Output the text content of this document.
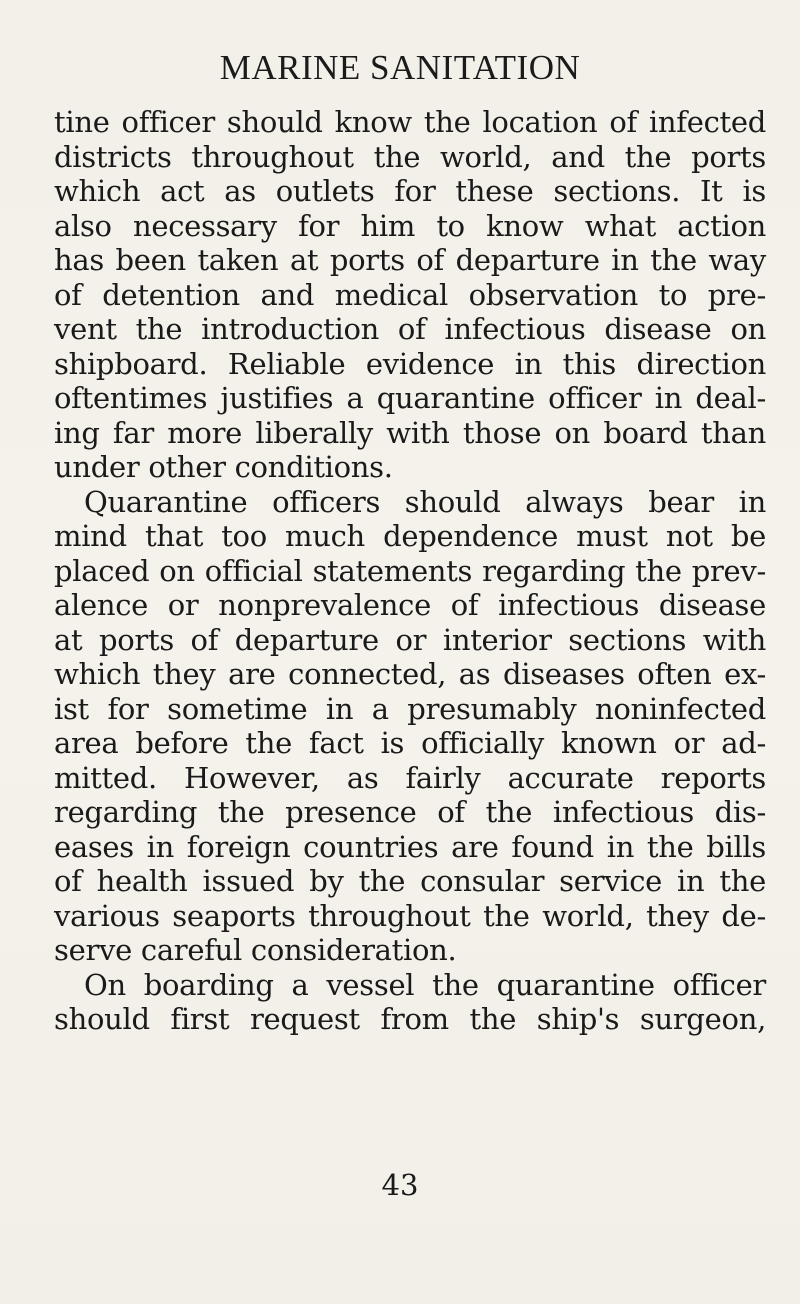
MARINE SANITATION
tine officer should know the location of infected
districts throughout the world, and the ports
which act as outlets for these sections. It is
also necessary for him to know what action
has been taken at ports of departure in the way
of detention and medical observation to pre-
vent the introduction of infectious disease on
shipboard. Reliable evidence in this direction
oftentimes justifies a quarantine officer in deal-
ing far more liberally with those on board than
under other conditions.
Quarantine officers should always bear in
mind that too much dependence must not be
placed on official statements regarding the prev-
alence or nonprevalence of infectious disease
at ports of departure or interior sections with
which they are connected, as diseases often ex-
ist for sometime in a presumably noninfected
area before the fact is officially known or ad-
mitted. However, as fairly accurate reports
regarding the presence of the infectious dis-
eases in foreign countries are found in the bills
of health issued by the consular service in the
various seaports throughout the world, they de-
serve careful consideration.
On boarding a vessel the quarantine officer
should first request from the ship's surgeon,
43
